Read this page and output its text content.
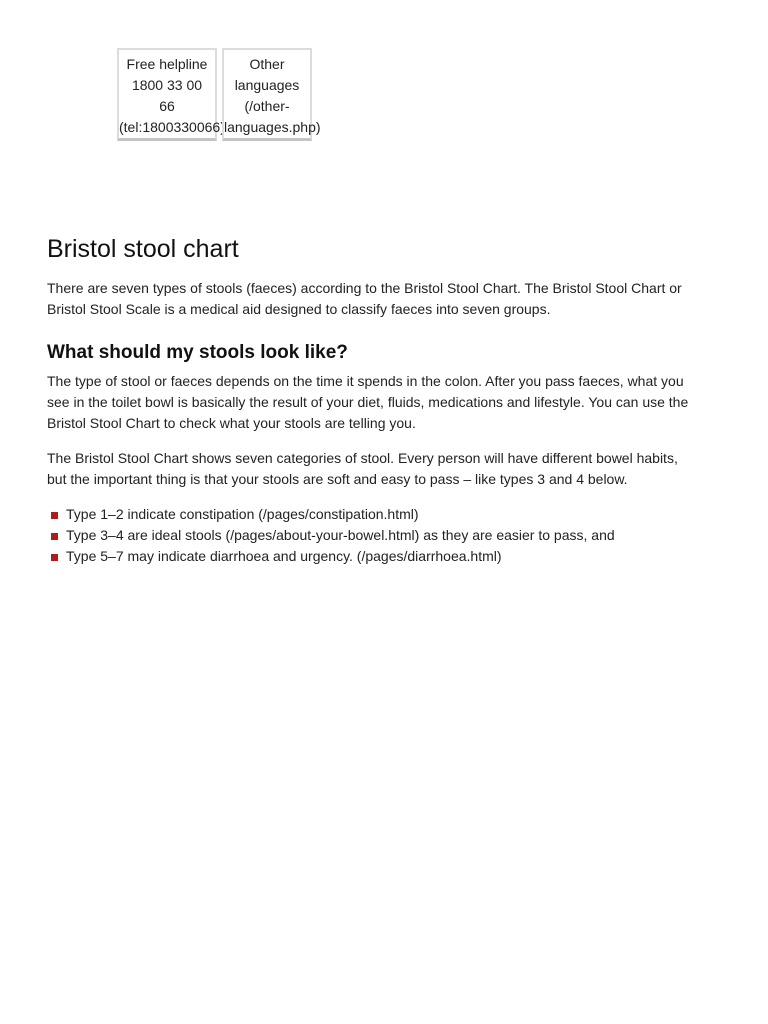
Free helpline
1800 33 00
66
(tel:1800330066)
Other
languages
(/other-
languages.php)
Bristol stool chart

There are seven types of stools (faeces) according to the Bristol Stool Chart. The Bristol Stool Chart or Bristol Stool Scale is a medical aid designed to classify faeces into seven groups.

What should my stools look like?

The type of stool or faeces depends on the time it spends in the colon. After you pass faeces, what you see in the toilet bowl is basically the result of your diet, fluids, medications and lifestyle. You can use the Bristol Stool Chart to check what your stools are telling you.

The Bristol Stool Chart shows seven categories of stool. Every person will have different bowel habits, but the important thing is that your stools are soft and easy to pass – like types 3 and 4 below.

Type 1–2 indicate constipation (/pages/constipation.html)
Type 3–4 are ideal stools (/pages/about-your-bowel.html) as they are easier to pass, and
Type 5–7 may indicate diarrhoea and urgency. (/pages/diarrhoea.html)
